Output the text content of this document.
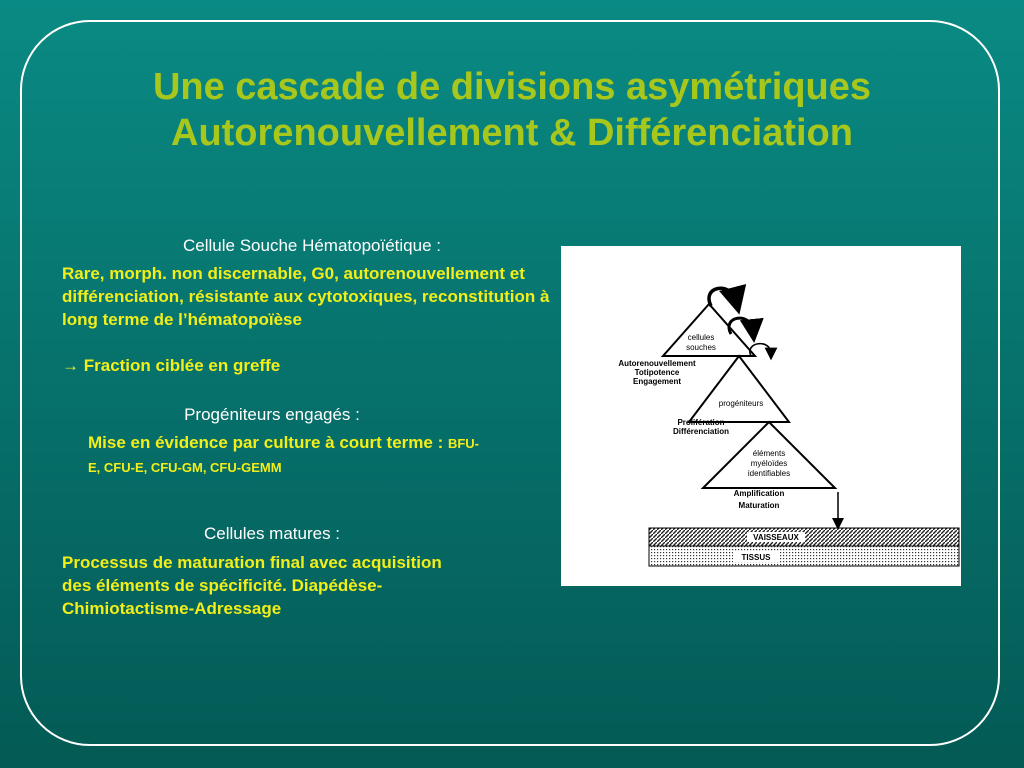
Une cascade de divisions asymétriques
Autorenouvellement & Différenciation
Cellule Souche Hématopoïétique :
Rare, morph. non discernable, G0, autorenouvellement et différenciation, résistante aux cytotoxiques, reconstitution à long terme de l’hématopoïèse
→ Fraction ciblée en greffe
Progéniteurs engagés :
Mise en évidence par culture à court terme : BFU-E, CFU-E, CFU-GM, CFU-GEMM
Cellules matures :
Processus de maturation final avec acquisition des éléments de spécificité. Diapédèse-Chimiotactisme-Adressage
cellules
souches
progéniteurs
éléments
myéloïdes
identifiables
Autorenouvellement
Totipotence
Engagement
Prolifération
Différenciation
Amplification
Maturation
VAISSEAUX
TISSUS
